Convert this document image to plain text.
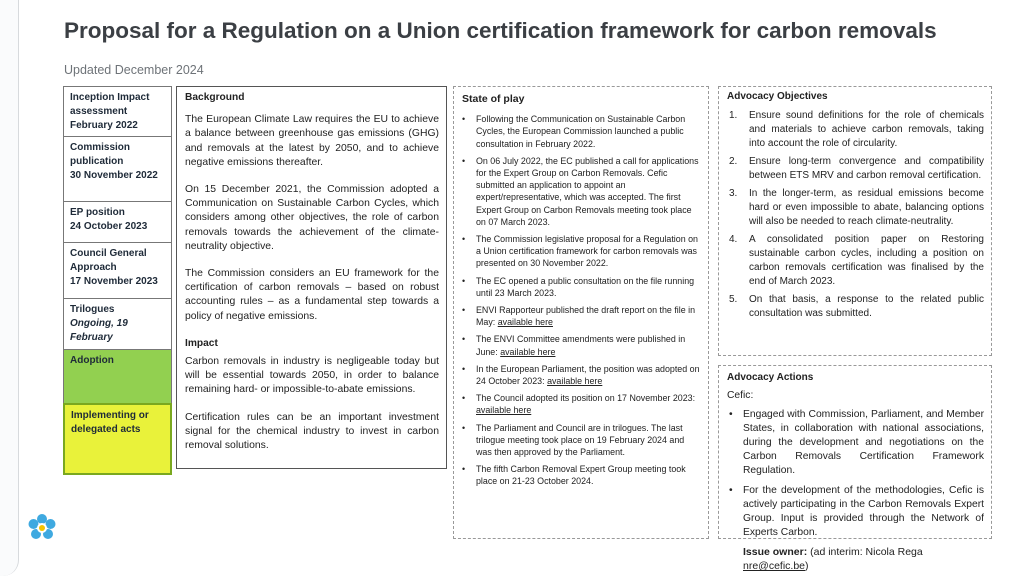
Proposal for a Regulation on a Union certification framework for carbon removals
Updated December 2024
Inception Impact
assessment
February 2022
Commission
publication
30 November 2022
EP position
24 October 2023
Council General
Approach
17 November 2023
Trilogues
Ongoing, 19
February
Adoption
Implementing or
delegated acts
Background

The European Climate Law requires the EU to achieve a balance between greenhouse gas emissions (GHG) and removals at the latest by 2050, and to achieve negative emissions thereafter.

On 15 December 2021, the Commission adopted a Communication on Sustainable Carbon Cycles, which considers among other objectives, the role of carbon removals towards the achievement of the climate-neutrality objective.

The Commission considers an EU framework for the certification of carbon removals – based on robust accounting rules – as a fundamental step towards a policy of negative emissions.

Impact

Carbon removals in industry is negligeable today but will be essential towards 2050, in order to balance remaining hard- or impossible-to-abate emissions.

Certification rules can be an important investment signal for the chemical industry to invest in carbon removal solutions.

State of play
• Following the Communication on Sustainable Carbon Cycles, the European Commission launched a public consultation in February 2022.
• On 06 July 2022, the EC published a call for applications for the Expert Group on Carbon Removals. Cefic submitted an application to appoint an expert/representative, which was accepted. The first Expert Group on Carbon Removals meeting took place on 07 March 2023.
• The Commission legislative proposal for a Regulation on a Union certification framework for carbon removals was presented on 30 November 2022.
• The EC opened a public consultation on the file running until 23 March 2023.
• ENVI Rapporteur published the draft report on the file in May: available here
• The ENVI Committee amendments were published in June: available here
• In the European Parliament, the position was adopted on 24 October 2023: available here
• The Council adopted its position on 17 November 2023: available here
• The Parliament and Council are in trilogues. The last trilogue meeting took place on 19 February 2024 and was then approved by the Parliament.
• The fifth Carbon Removal Expert Group meeting took place on 21-23 October 2024.
Advocacy Objectives
1. Ensure sound definitions for the role of chemicals and materials to achieve carbon removals, taking into account the role of circularity.
2. Ensure long-term convergence and compatibility between ETS MRV and carbon removal certification.
3. In the longer-term, as residual emissions become hard or even impossible to abate, balancing options will also be needed to reach climate-neutrality.
4. A consolidated position paper on Restoring sustainable carbon cycles, including a position on carbon removals certification was finalised by the end of March 2023.
5. On that basis, a response to the related public consultation was submitted.
Advocacy Actions
Cefic:
• Engaged with Commission, Parliament, and Member States, in collaboration with national associations, during the development and negotiations on the Carbon Removals Certification Framework Regulation.
• For the development of the methodologies, Cefic is actively participating in the Carbon Removals Expert Group. Input is provided through the Network of Experts Carbon.
Issue owner: (ad interim: Nicola Rega
nre@cefic.be)
